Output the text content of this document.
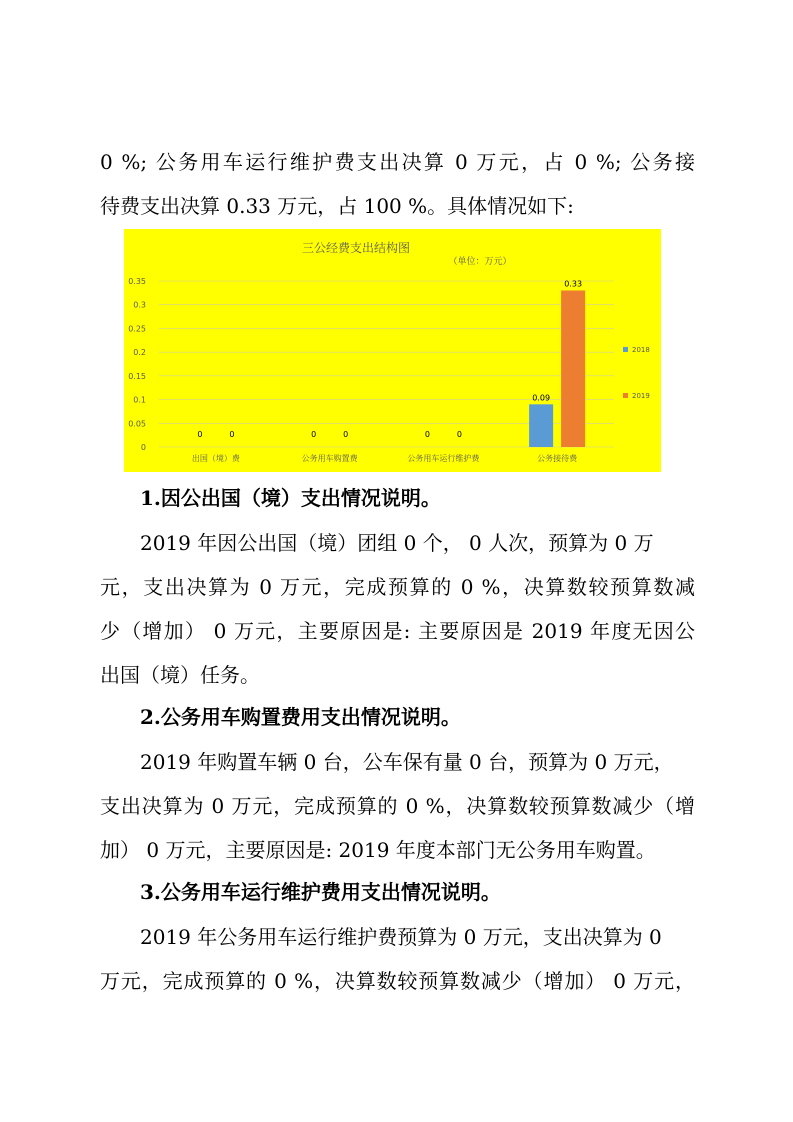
0 %; 公务用车运行维护费支出决算 0 万元，占 0 %; 公务接
待费支出决算 0.33 万元，占 100 %。具体情况如下:
三公经费支出结构图
（单位：万元）
0
0.05
0.1
0.15
0.2
0.25
0.3
0.35
0	0	0	0	0	0
0.09
0.33
出国（境）费	公务用车购置费	公务用车运行维护费	公务接待费
2018
2019
1.因公出国（境）支出情况说明。
2019 年因公出国（境）团组 0 个， 0 人次，预算为 0 万
元，支出决算为 0 万元，完成预算的 0 %，决算数较预算数减
少（增加） 0 万元，主要原因是: 主要原因是 2019 年度无因公
出国（境）任务。
2.公务用车购置费用支出情况说明。
2019 年购置车辆 0 台，公车保有量 0 台，预算为 0 万元，
支出决算为 0 万元，完成预算的 0 %，决算数较预算数减少（增
加） 0 万元，主要原因是: 2019 年度本部门无公务用车购置。
3.公务用车运行维护费用支出情况说明。
2019 年公务用车运行维护费预算为 0 万元，支出决算为 0
万元，完成预算的 0 %，决算数较预算数减少（增加） 0 万元，
